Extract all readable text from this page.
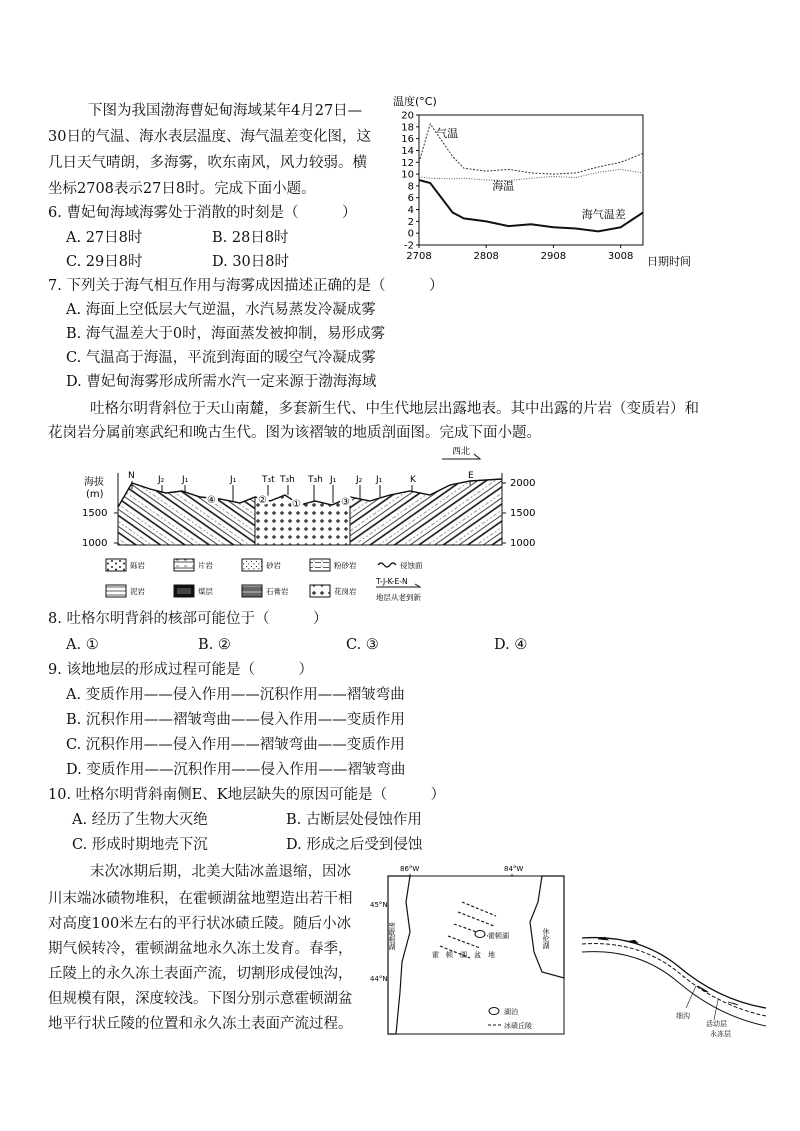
下图为我国渤海曹妃甸海域某年4月27日—
30日的气温、海水表层温度、海气温差变化图，这
几日天气晴朗，多海雾，吹东南风，风力较弱。横
坐标2708表示27日8时。完成下面小题。
6. 曹妃甸海域海雾处于消散的时刻是（　　　）
A. 27日8时	B. 28日8时
C. 29日8时	D. 30日8时
7. 下列关于海气相互作用与海雾成因描述正确的是（　　　）
A. 海面上空低层大气逆温，水汽易蒸发冷凝成雾
B. 海气温差大于0时，海面蒸发被抑制，易形成雾
C. 气温高于海温，平流到海面的暖空气冷凝成雾
D. 曹妃甸海雾形成所需水汽一定来源于渤海海域
温度(°C)
日期时间
20
18
16
14
12
10
8
6
4
2
0
-2
2708	2808	2908	3008
气温
海温
海气温差
吐格尔明背斜位于天山南麓，多套新生代、中生代地层出露地表。其中出露的片岩（变质岩）和
花岗岩分属前寒武纪和晚古生代。图为该褶皱的地质剖面图。完成下面小题。
西北
海拔
(m)
1500
1000
2000
1500
1000
N	J₂ J₁	J₁	T₃t T₃h T₃h J₁ J₂ J₁	K	E
④	②	①	③
砾岩	片岩	砂岩	粉砂岩	侵蚀面
泥岩	煤层	石膏岩	花岗岩
T-J-K-E-N
地层从老到新
8. 吐格尔明背斜的核部可能位于（　　　）
A. ①	B. ②	C. ③	D. ④
9. 该地地层的形成过程可能是（　　　）
A. 变质作用——侵入作用——沉积作用——褶皱弯曲
B. 沉积作用——褶皱弯曲——侵入作用——变质作用
C. 沉积作用——侵入作用——褶皱弯曲——变质作用
D. 变质作用——沉积作用——侵入作用——褶皱弯曲
10. 吐格尔明背斜南侧E、K地层缺失的原因可能是（　　　）
A. 经历了生物大灭绝	B. 古断层处侵蚀作用
C. 形成时期地壳下沉	D. 形成之后受到侵蚀
末次冰期后期，北美大陆冰盖退缩，因冰
川末端冰碛物堆积，在霍顿湖盆地塑造出若干相
对高度100米左右的平行状冰碛丘陵。随后小冰
期气候转冷，霍顿湖盆地永久冻土发育。春季，
丘陵上的永久冻土表面产流，切割形成侵蚀沟，
但规模有限，深度较浅。下图分别示意霍顿湖盆
地平行状丘陵的位置和永久冻土表面产流过程。
86°W	84°W
45°N
44°N
密歇根湖	休伦湖
霍顿湖
霍　顿　湖　盆　地
湖泊
冰碛丘陵
细沟
活动层
永冻层
